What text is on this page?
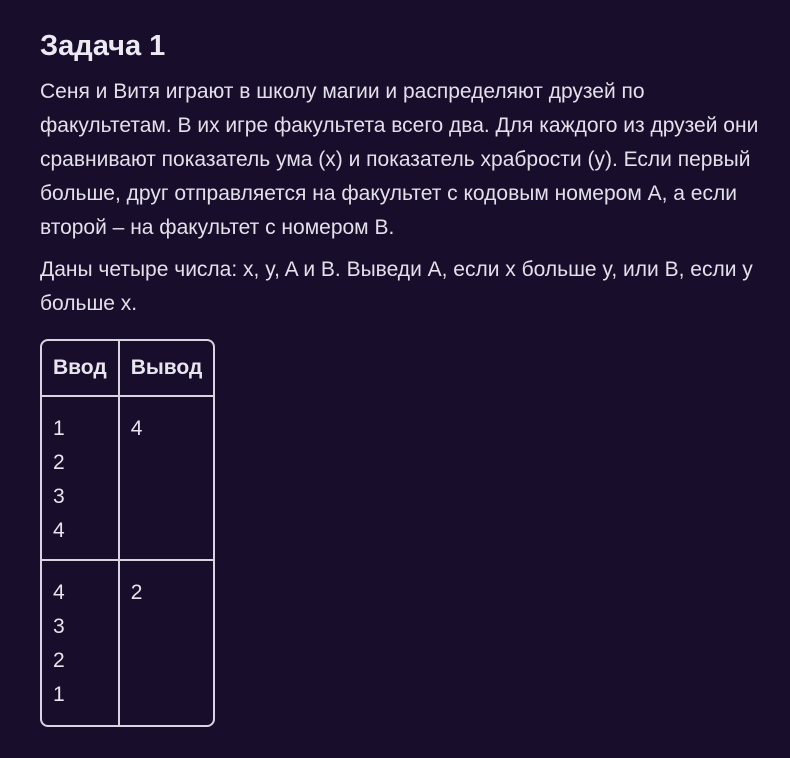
Задача 1

Сеня и Витя играют в школу магии и распределяют друзей по факультетам. В их игре факультета всего два. Для каждого из друзей они сравнивают показатель ума (x) и показатель храбрости (y). Если первый больше, друг отправляется на факультет с кодовым номером A, а если второй – на факультет с номером B.

Даны четыре числа: x, y, A и B. Выведи A, если x больше y, или B, если y больше x.

Ввод	Вывод

1
2
3
4	4

4
3
2
1	2
